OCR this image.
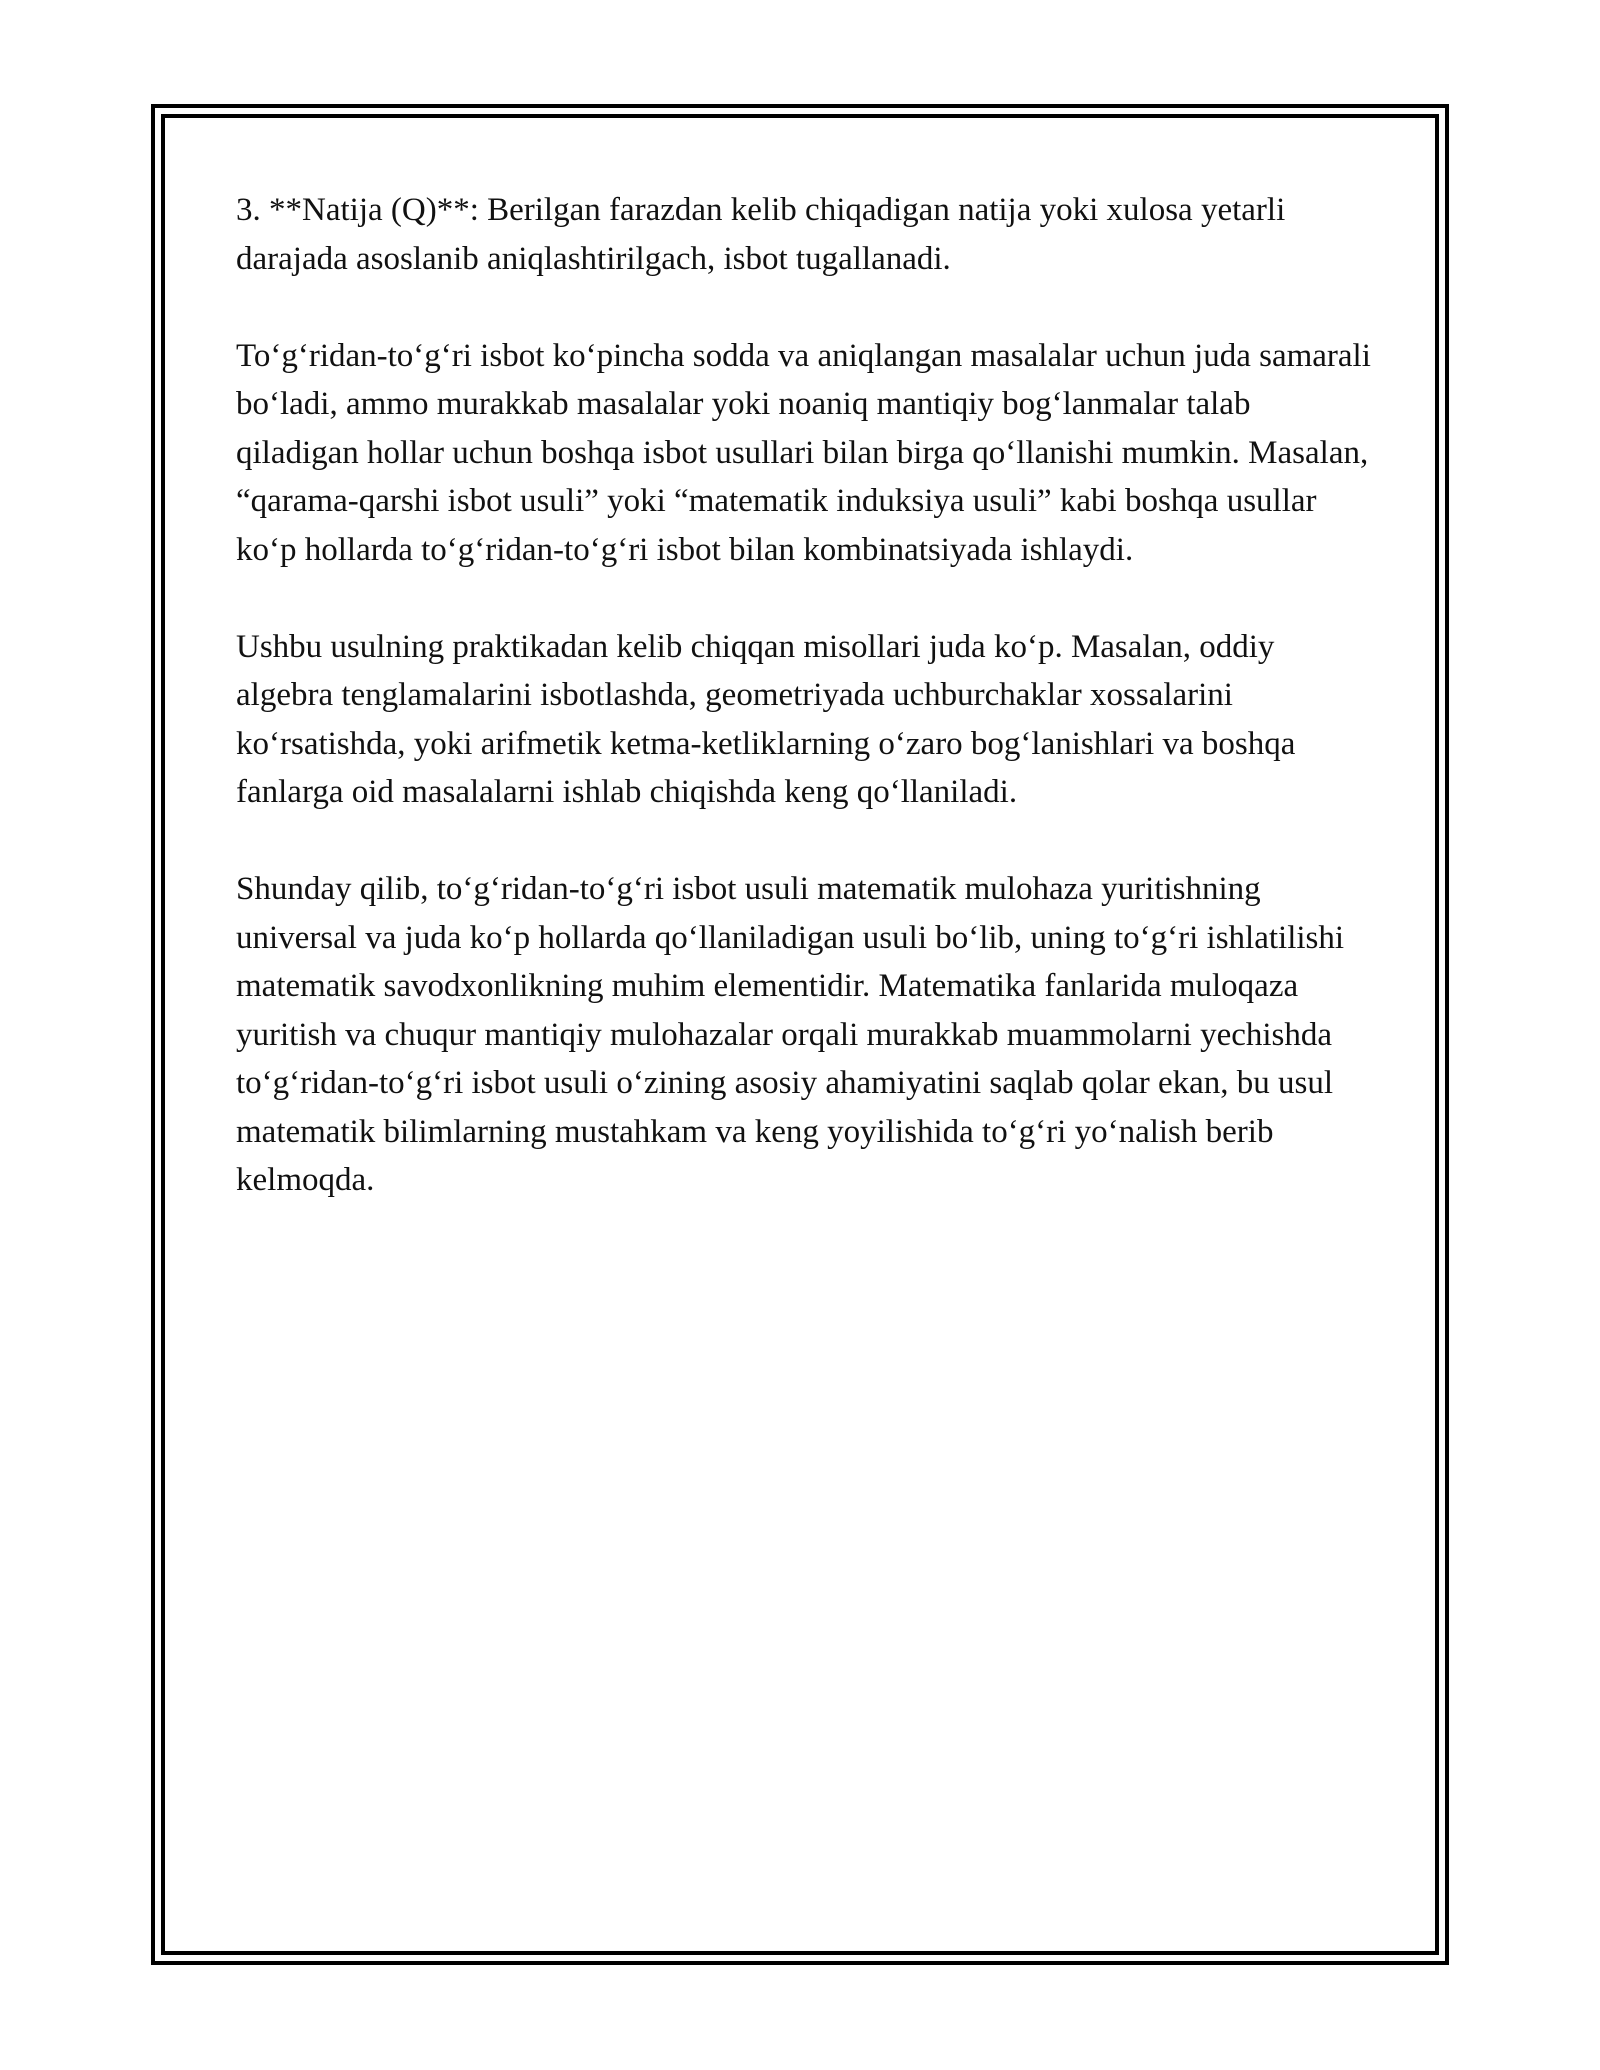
3. **Natija (Q)**: Berilgan farazdan kelib chiqadigan natija yoki xulosa yetarli darajada asoslanib aniqlashtirilgach, isbot tugallanadi.

To‘g‘ridan-to‘g‘ri isbot ko‘pincha sodda va aniqlangan masalalar uchun juda samarali bo‘ladi, ammo murakkab masalalar yoki noaniq mantiqiy bog‘lanmalar talab qiladigan hollar uchun boshqa isbot usullari bilan birga qo‘llanishi mumkin. Masalan, “qarama-qarshi isbot usuli” yoki “matematik induksiya usuli” kabi boshqa usullar ko‘p hollarda to‘g‘ridan-to‘g‘ri isbot bilan kombinatsiyada ishlaydi.

Ushbu usulning praktikadan kelib chiqqan misollari juda ko‘p. Masalan, oddiy algebra tenglamalarini isbotlashda, geometriyada uchburchaklar xossalarini ko‘rsatishda, yoki arifmetik ketma-ketliklarning o‘zaro bog‘lanishlari va boshqa fanlarga oid masalalarni ishlab chiqishda keng qo‘llaniladi.

Shunday qilib, to‘g‘ridan-to‘g‘ri isbot usuli matematik mulohaza yuritishning universal va juda ko‘p hollarda qo‘llaniladigan usuli bo‘lib, uning to‘g‘ri ishlatilishi matematik savodxonlikning muhim elementidir. Matematika fanlarida muloqaza yuritish va chuqur mantiqiy mulohazalar orqali murakkab muammolarni yechishda to‘g‘ridan-to‘g‘ri isbot usuli o‘zining asosiy ahamiyatini saqlab qolar ekan, bu usul matematik bilimlarning mustahkam va keng yoyilishida to‘g‘ri yo‘nalish berib kelmoqda.
